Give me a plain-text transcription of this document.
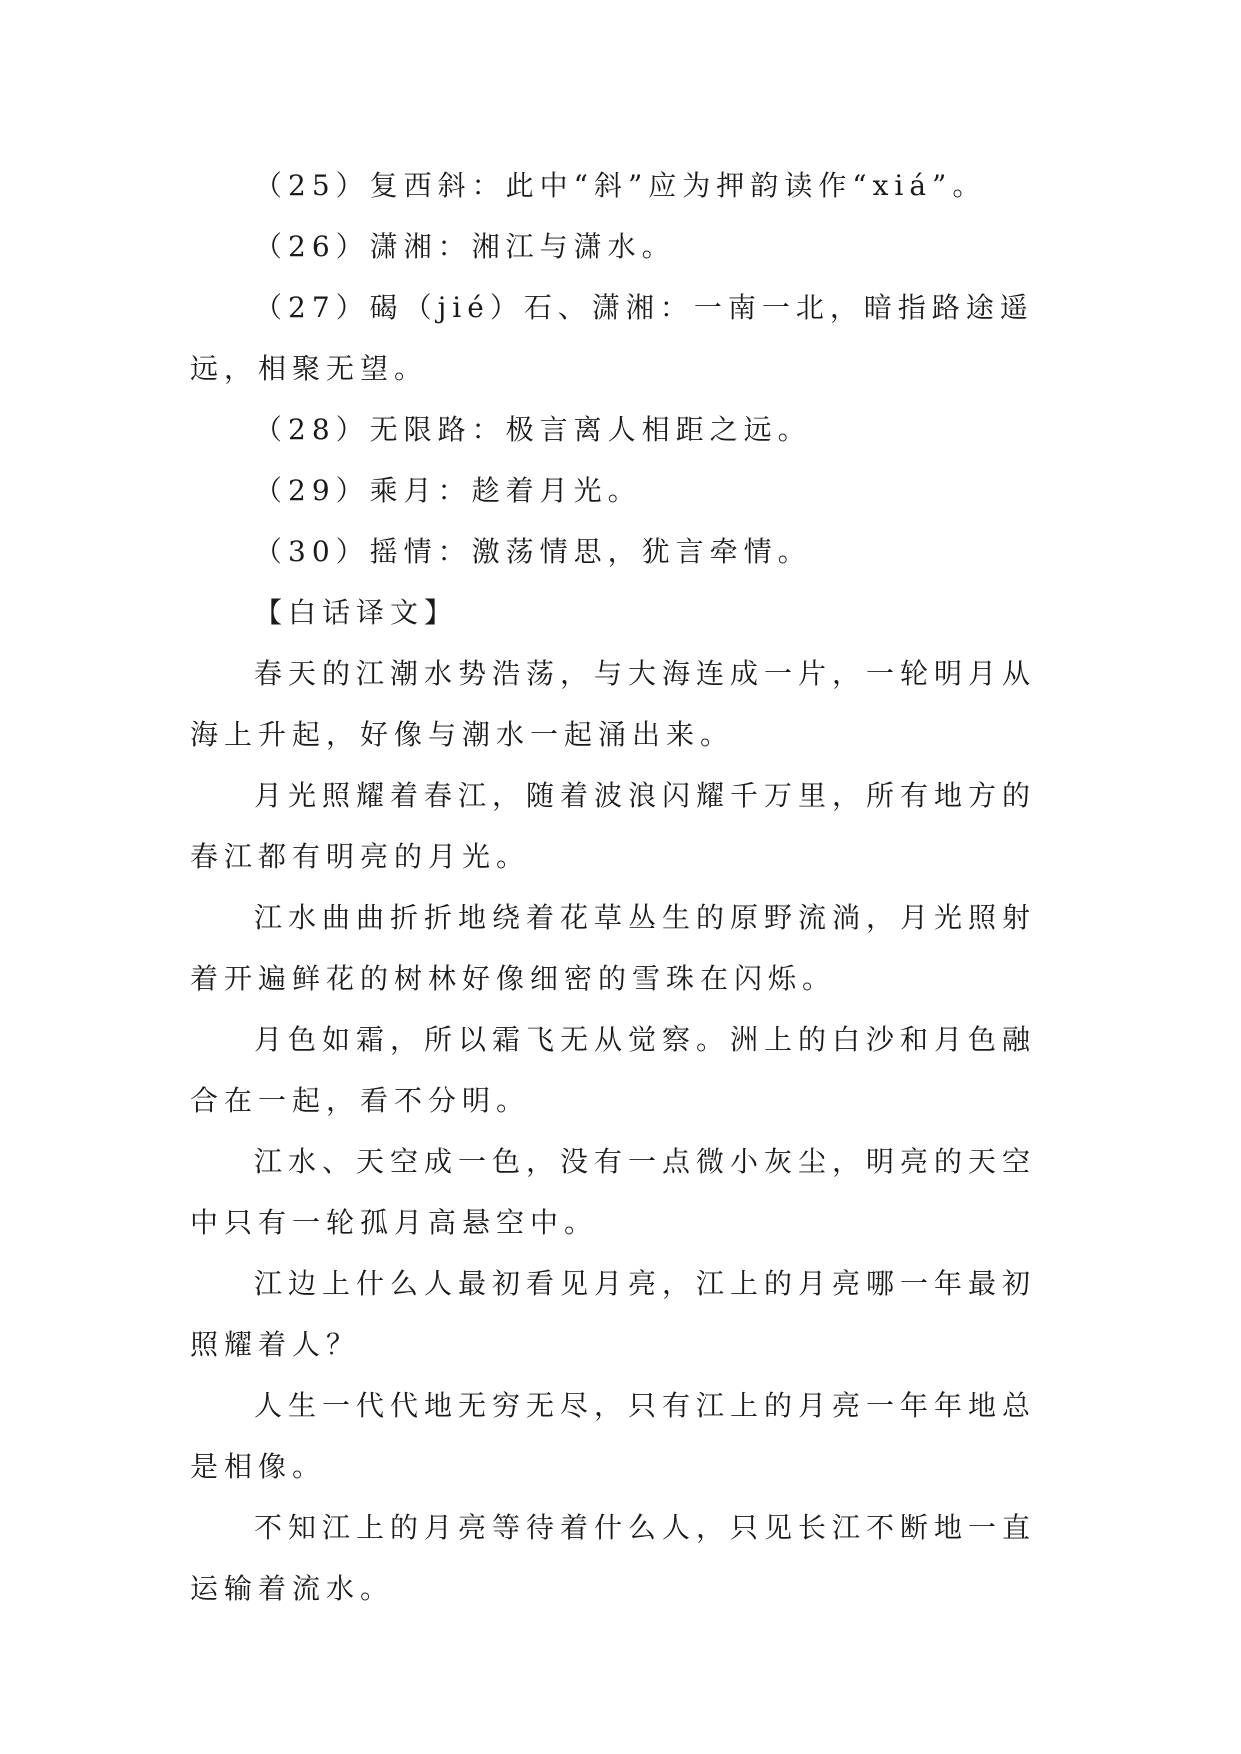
（25）复西斜：此中“斜”应为押韵读作“xiá”。

（26）潇湘：湘江与潇水。

（27）碣（jié）石、潇湘：一南一北，暗指路途遥远，相聚无望。

（28）无限路：极言离人相距之远。

（29）乘月：趁着月光。

（30）摇情：激荡情思，犹言牵情。

【白话译文】

春天的江潮水势浩荡，与大海连成一片，一轮明月从海上升起，好像与潮水一起涌出来。

月光照耀着春江，随着波浪闪耀千万里，所有地方的春江都有明亮的月光。

江水曲曲折折地绕着花草丛生的原野流淌，月光照射着开遍鲜花的树林好像细密的雪珠在闪烁。

月色如霜，所以霜飞无从觉察。洲上的白沙和月色融合在一起，看不分明。

江水、天空成一色，没有一点微小灰尘，明亮的天空中只有一轮孤月高悬空中。

江边上什么人最初看见月亮，江上的月亮哪一年最初照耀着人？

人生一代代地无穷无尽，只有江上的月亮一年年地总是相像。

不知江上的月亮等待着什么人，只见长江不断地一直运输着流水。
